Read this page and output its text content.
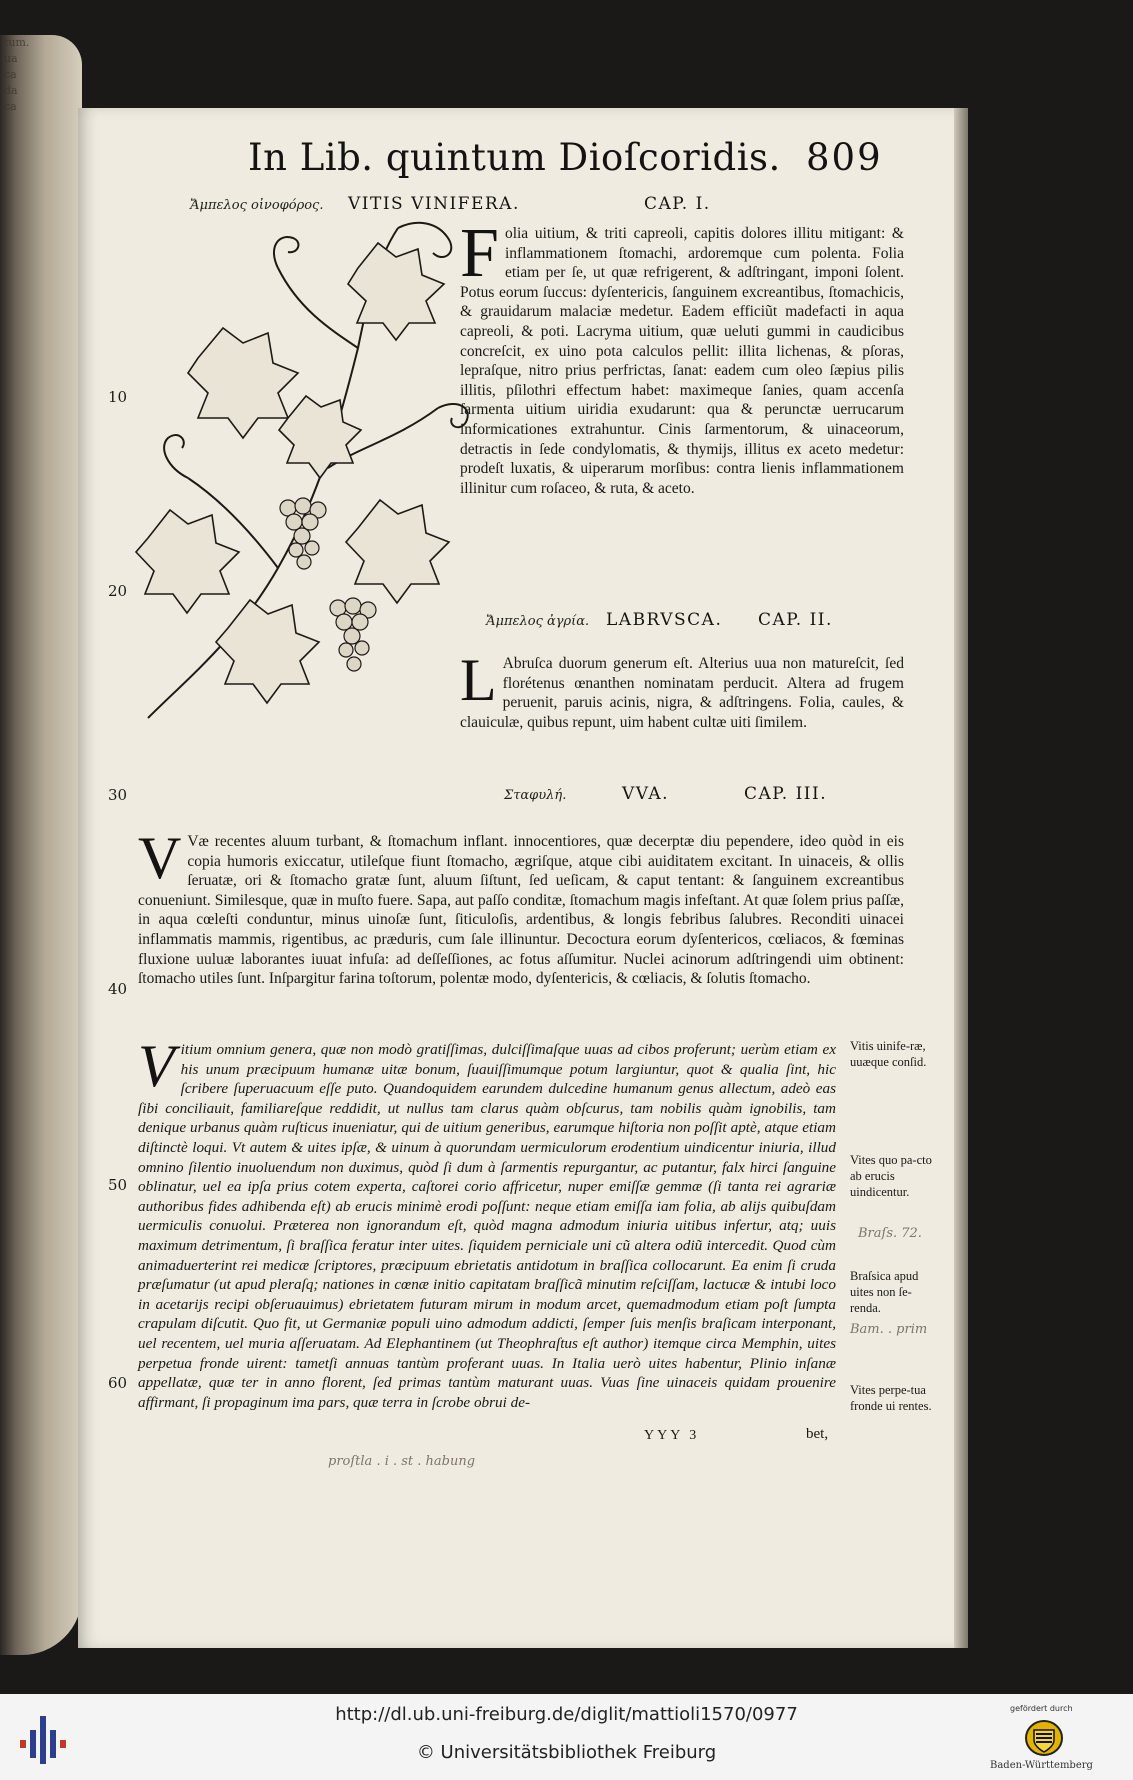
tum.
ua
ca
da
ca

In Lib. quintum Dioſcoridis. 809
Ἄμπελος οἰνοφόρος. VITIS VINIFERA.	CAP. I.
F olia uitium, & triti capreoli, capitis dolores illitu mitigant: & inflammationem ſtomachi, ardoremque cum polenta. Folia etiam per ſe, ut quæ refrigerent, & adſtringant, imponi ſolent. Potus eorum ſuccus: dyſentericis, ſanguinem excreantibus, ſtomachicis, & grauidarum malaciæ medetur. Eadem efficiũt madefacti in aqua capreoli, & poti. Lacryma uitium, quæ ueluti gummi in caudicibus concreſcit, ex uino pota calculos pellit: illita lichenas, & pſoras, lepraſque, nitro prius perfrictas, ſanat: eadem cum oleo ſæpius pilis illitis, pſilothri effectum habet: maximeque ſanies, quam accenſa ſarmenta uitium uiridia exudarunt: qua & perunctæ uerrucarum informicationes extrahuntur. Cinis ſarmentorum, & uinaceorum, detractis in ſede condylomatis, & thymijs, illitus ex aceto medetur: prodeſt luxatis, & uiperarum morſibus: contra lienis inflammationem illinitur cum roſaceo, & ruta, & aceto.
Ἄμπελος ἀγρία. LABRVSCA. CAP. II.
L Abruſca duorum generum eſt. Alterius uua non matureſcit, ſed florétenus œnanthen nominatam perducit. Altera ad frugem peruenit, paruis acinis, nigra, & adſtringens. Folia, caules, & clauiculæ, quibus repunt, uim habent cultæ uiti ſimilem.
Σταφυλή.	VVA.	CAP. III.
V Væ recentes aluum turbant, & ſtomachum inflant. innocentiores, quæ decerptæ diu pependere, ideo quòd in eis copia humoris exiccatur, utileſque fiunt ſtomacho, ægriſque, atque cibi auiditatem excitant. In uinaceis, & ollis ſeruatæ, ori & ſtomacho gratæ ſunt, aluum ſiſtunt, ſed ueſicam, & caput tentant: & ſanguinem excreantibus conueniunt. Similesque, quæ in muſto fuere. Sapa, aut paſſo conditæ, ſtomachum magis infeſtant. At quæ ſolem prius paſſæ, in aqua cœleſti conduntur, minus uinoſæ ſunt, ſiticuloſis, ardentibus, & longis febribus ſalubres. Reconditi uinacei inflammatis mammis, rigentibus, ac præduris, cum ſale illinuntur. Decoctura eorum dyſentericos, cœliacos, & fœminas fluxione uuluæ laborantes iuuat infuſa: ad deſſeſſiones, ac fotus aſſumitur. Nuclei acinorum adſtringendi uim obtinent: ſtomacho utiles ſunt. Inſpargitur farina toſtorum, polentæ modo, dyſentericis, & cœliacis, & ſolutis ſtomacho.
V itium omnium genera, quæ non modò gratiſſimas, dulciſſimaſque uuas ad cibos proferunt; uerùm etiam ex his unum præcipuum humanæ uitæ bonum, ſuauiſſimumque potum largiuntur, quot & qualia ſint, hic ſcribere ſuperuacuum eſſe puto. Quandoquidem earundem dulcedine humanum genus allectum, adeò eas ſibi conciliauit, familiareſque reddidit, ut nullus tam clarus quàm obſcurus, tam nobilis quàm ignobilis, tam denique urbanus quàm ruſticus inueniatur, qui de uitium generibus, earumque hiſtoria non poſſit aptè, atque etiam diſtinctè loqui. Vt autem & uites ipſæ, & uinum à quorundam uermiculorum erodentium uindicentur iniuria, illud omnino ſilentio inuoluendum non duximus, quòd ſi dum à ſarmentis repurgantur, ac putantur, falx hirci ſanguine oblinatur, uel ea ipſa prius cotem experta, caſtorei corio affricetur, nuper emiſſæ gemmæ (ſi tanta rei agrariæ authoribus fides adhibenda eſt) ab erucis minimè erodi poſſunt: neque etiam emiſſa iam folia, ab alijs quibuſdam uermiculis conuolui. Præterea non ignorandum eſt, quòd magna admodum iniuria uitibus infertur, atq; uuis maximum detrimentum, ſi braſſica feratur inter uites. ſiquidem perniciale uni cũ altera odiũ intercedit. Quod cùm animaduerterint rei medicæ ſcriptores, præcipuum ebrietatis antidotum in braſſica collocarunt. Ea enim ſi cruda præſumatur (ut apud pleraſq; nationes in cœnæ initio capitatam braſſicã minutim reſciſſam, lactucæ & intubi loco in acetarijs recipi obſeruauimus) ebrietatem futuram mirum in modum arcet, quemadmodum etiam poſt ſumpta crapulam diſcutit. Quo fit, ut Germaniæ populi uino admodum addicti, ſemper ſuis menſis braſicam interponant, uel recentem, uel muria aſſeruatam. Ad Elephantinem (ut Theophraſtus eſt author) itemque circa Memphin, uites perpetua fronde uirent: tametſi annuas tantùm proferant uuas. In Italia uerò uites habentur, Plinio inſanæ appellatæ, quæ ter in anno florent, ſed primas tantùm maturant uuas. Vuas ſine uinaceis quidam prouenire affirmant, ſi propaginum ima pars, quæ terra in ſcrobe obrui de-
YYY 3	bet,
Vitis uinife-ræ, uuæque conſid.
Vites quo pa-cto ab erucis uindicentur.
Braſsica apud uites non ſe-renda.
Vites perpe-tua fronde ui rentes.
Braſs. 72.
Bam. . prim
proſtla . i . st . habung
10
20
30
40
50
60
http://dl.ub.uni-freiburg.de/diglit/mattioli1570/0977
© Universitätsbibliothek Freiburg
gefördert durch
Baden-Württemberg
